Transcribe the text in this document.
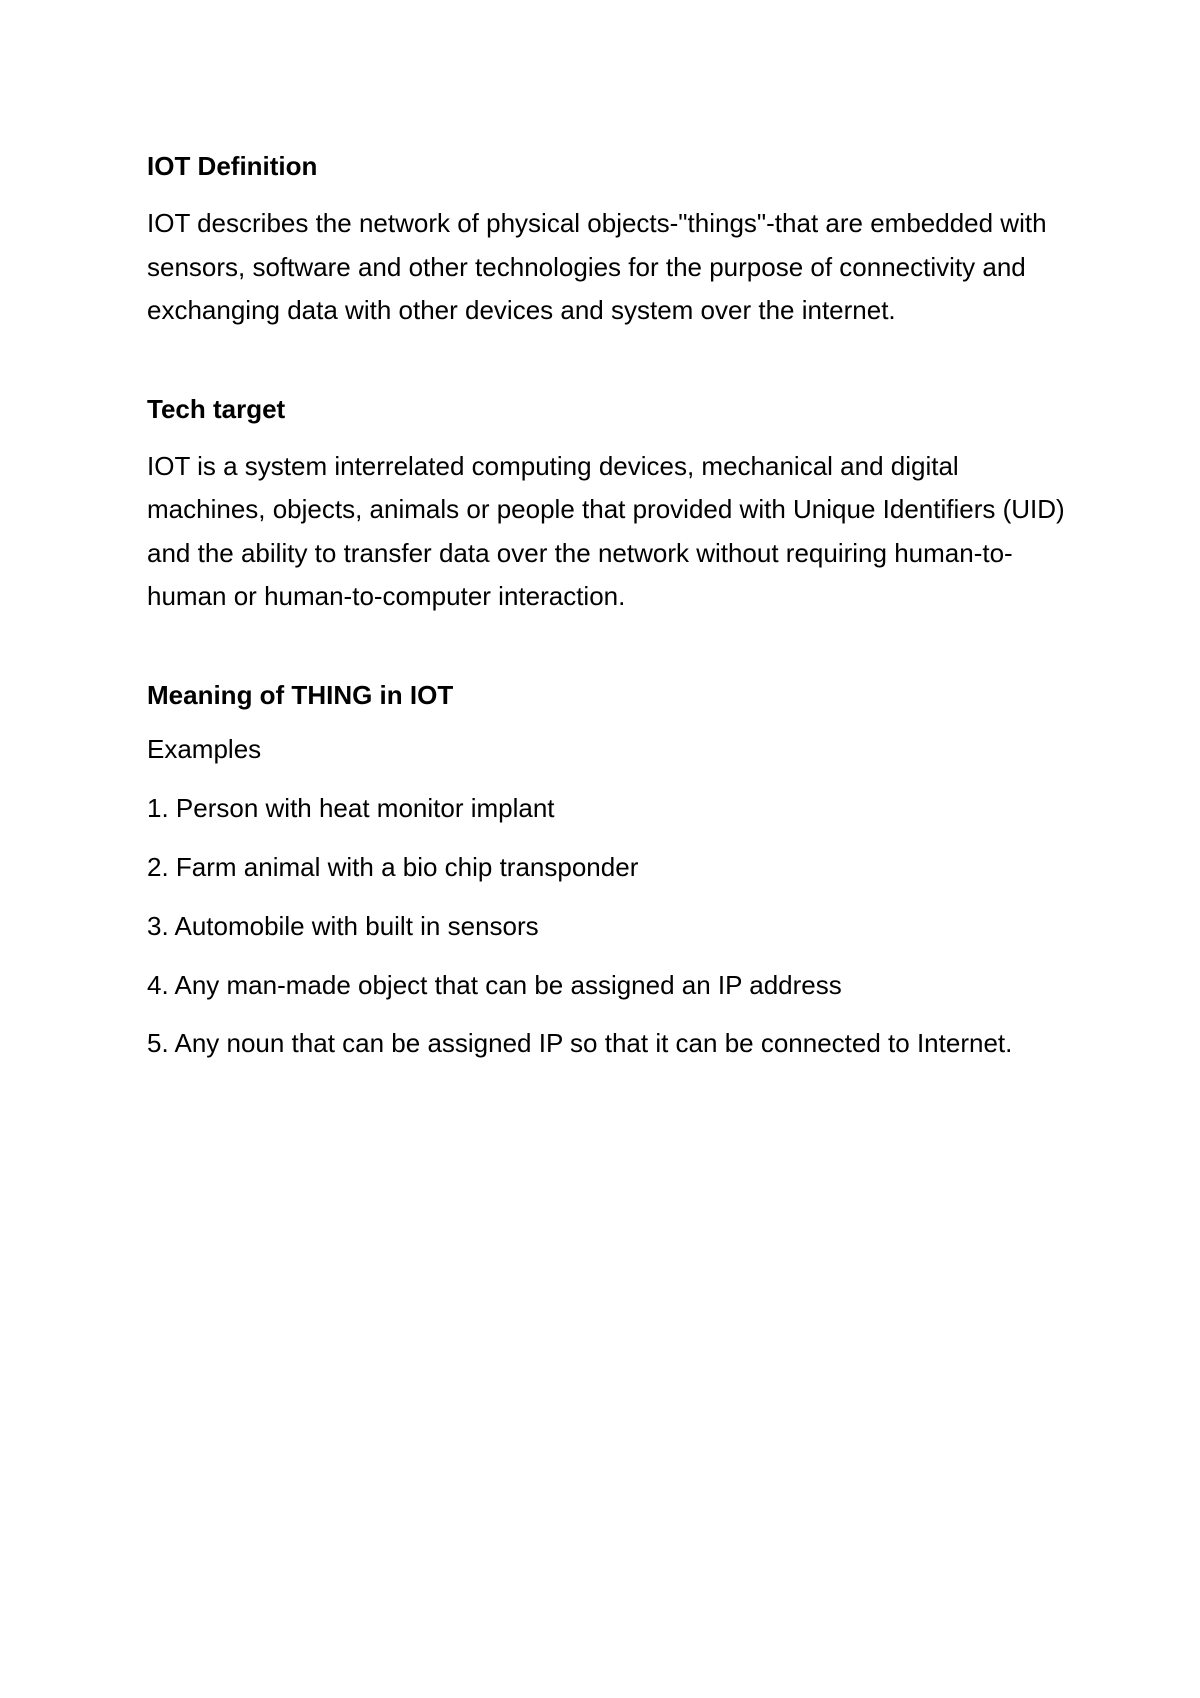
IOT Definition

IOT describes the network of physical objects-"things"-that are embedded with sensors, software and other technologies for the purpose of connectivity and exchanging data with other devices and system over the internet.

Tech target

IOT is a system interrelated computing devices, mechanical and digital machines, objects, animals or people that provided with Unique Identifiers (UID) and the ability to transfer data over the network without requiring human-to-human or human-to-computer interaction.

Meaning of THING in IOT
Examples
1. Person with heat monitor implant
2. Farm animal with a bio chip transponder
3. Automobile with built in sensors
4. Any man-made object that can be assigned an IP address
5. Any noun that can be assigned IP so that it can be connected to Internet.
